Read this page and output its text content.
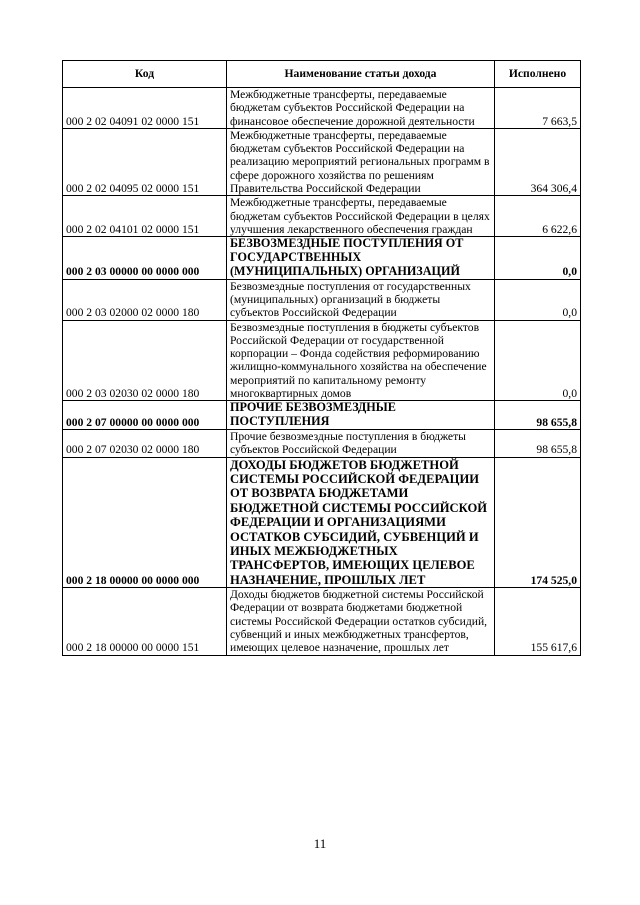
Код	Наименование статьи дохода	Исполнено
000 2 02 04091 02 0000 151	Межбюджетные трансферты, передаваемые бюджетам субъектов Российской Федерации на финансовое обеспечение дорожной деятельности	7 663,5
000 2 02 04095 02 0000 151	Межбюджетные трансферты, передаваемые бюджетам субъектов Российской Федерации на реализацию мероприятий региональных программ в сфере дорожного хозяйства по решениям Правительства Российской Федерации	364 306,4
000 2 02 04101 02 0000 151	Межбюджетные трансферты, передаваемые бюджетам субъектов Российской Федерации в целях улучшения лекарственного обеспечения граждан	6 622,6
000 2 03 00000 00 0000 000	БЕЗВОЗМЕЗДНЫЕ ПОСТУПЛЕНИЯ ОТ ГОСУДАРСТВЕННЫХ (МУНИЦИПАЛЬНЫХ) ОРГАНИЗАЦИЙ	0,0
000 2 03 02000 02 0000 180	Безвозмездные поступления от государственных (муниципальных) организаций в бюджеты субъектов Российской Федерации	0,0
000 2 03 02030 02 0000 180	Безвозмездные поступления в бюджеты субъектов Российской Федерации от государственной корпорации – Фонда содействия реформированию жилищно-коммунального хозяйства на обеспечение мероприятий по капитальному ремонту многоквартирных домов	0,0
000 2 07 00000 00 0000 000	ПРОЧИЕ БЕЗВОЗМЕЗДНЫЕ ПОСТУПЛЕНИЯ	98 655,8
000 2 07 02030 02 0000 180	Прочие безвозмездные поступления в бюджеты субъектов Российской Федерации	98 655,8
000 2 18 00000 00 0000 000	ДОХОДЫ БЮДЖЕТОВ БЮДЖЕТНОЙ СИСТЕМЫ РОССИЙСКОЙ ФЕДЕРАЦИИ ОТ ВОЗВРАТА БЮДЖЕТАМИ БЮДЖЕТНОЙ СИСТЕМЫ РОССИЙСКОЙ ФЕДЕРАЦИИ И ОРГАНИЗАЦИЯМИ ОСТАТКОВ СУБСИДИЙ, СУБВЕНЦИЙ И ИНЫХ МЕЖБЮДЖЕТНЫХ ТРАНСФЕРТОВ, ИМЕЮЩИХ ЦЕЛЕВОЕ НАЗНАЧЕНИЕ, ПРОШЛЫХ ЛЕТ	174 525,0
000 2 18 00000 00 0000 151	Доходы бюджетов бюджетной системы Российской Федерации от возврата бюджетами бюджетной системы Российской Федерации остатков субсидий, субвенций и иных межбюджетных трансфертов, имеющих целевое назначение, прошлых лет	155 617,6
11
